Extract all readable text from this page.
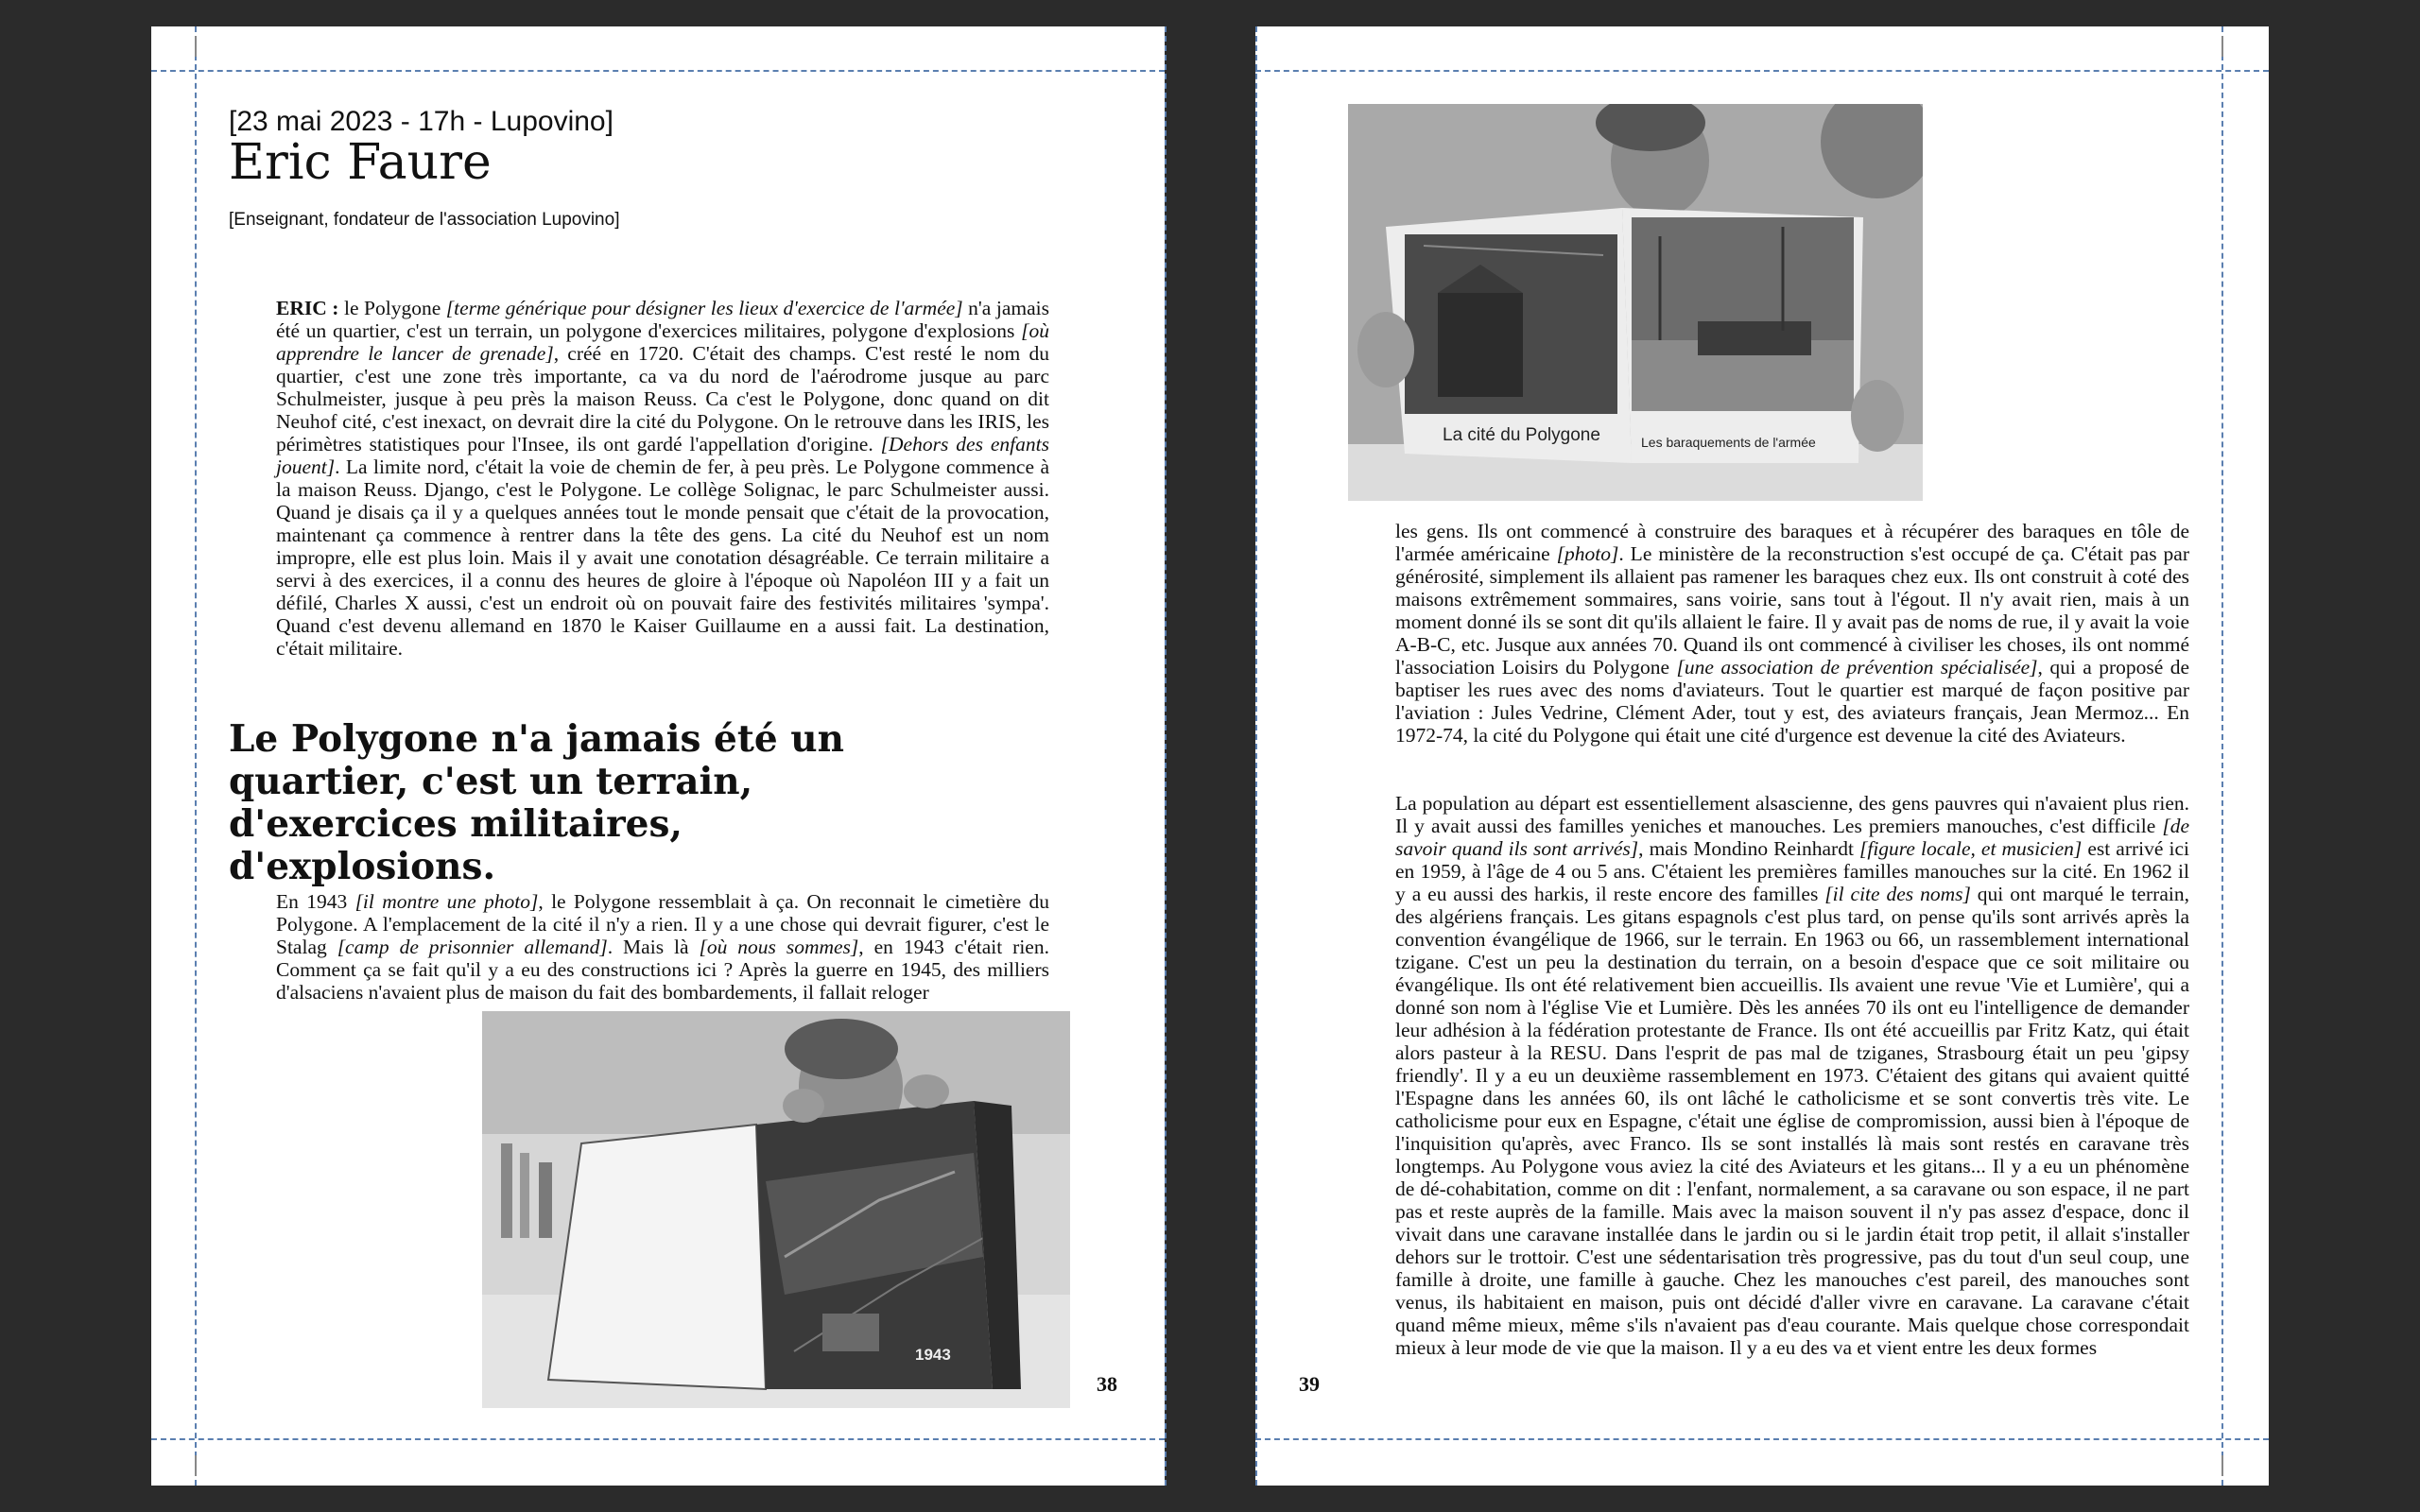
[23 mai 2023 - 17h - Lupovino]
Eric Faure
[Enseignant, fondateur de l'association Lupovino]
ERIC : le Polygone [terme générique pour désigner les lieux d'exercice de l'armée] n'a jamais été un quartier, c'est un terrain, un polygone d'exercices militaires, polygone d'explosions [où apprendre le lancer de grenade], créé en 1720. C'était des champs. C'est resté le nom du quartier, c'est une zone très importante, ca va du nord de l'aérodrome jusque au parc Schulmeister, jusque à peu près la maison Reuss. Ca c'est le Polygone, donc quand on dit Neuhof cité, c'est inexact, on devrait dire la cité du Polygone. On le retrouve dans les IRIS, les périmètres statistiques pour l'Insee, ils ont gardé l'appellation d'origine. [Dehors des enfants jouent]. La limite nord, c'était la voie de chemin de fer, à peu près. Le Polygone commence à la maison Reuss. Django, c'est le Polygone. Le collège Solignac, le parc Schulmeister aussi. Quand je disais ça il y a quelques années tout le monde pensait que c'était de la provocation, maintenant ça commence à rentrer dans la tête des gens. La cité du Neuhof est un nom impropre, elle est plus loin. Mais il y avait une conotation désagréable. Ce terrain militaire a servi à des exercices, il a connu des heures de gloire à l'époque où Napoléon III y a fait un défilé, Charles X aussi, c'est un endroit où on pouvait faire des festivités militaires 'sympa'. Quand c'est devenu allemand en 1870 le Kaiser Guillaume en a aussi fait. La destination, c'était militaire.
Le Polygone n'a jamais été un quartier, c'est un terrain, d'exercices militaires, d'explosions.
En 1943 [il montre une photo], le Polygone ressemblait à ça. On reconnait le cimetière du Polygone. A l'emplacement de la cité il n'y a rien. Il y a une chose qui devrait figurer, c'est le Stalag [camp de prisonnier allemand]. Mais là [où nous sommes], en 1943 c'était rien. Comment ça se fait qu'il y a eu des constructions ici ? Après la guerre en 1945, des milliers d'alsaciens n'avaient plus de maison du fait des bombardements, il fallait reloger
1943
38
La cité du Polygone	Les baraquements de l'armée
les gens. Ils ont commencé à construire des baraques et à récupérer des baraques en tôle de l'armée américaine [photo]. Le ministère de la reconstruction s'est occupé de ça. C'était pas par générosité, simplement ils allaient pas ramener les baraques chez eux. Ils ont construit à coté des maisons extrêmement sommaires, sans voirie, sans tout à l'égout. Il n'y avait rien, mais à un moment donné ils se sont dit qu'ils allaient le faire. Il y avait pas de noms de rue, il y avait la voie A-B-C, etc. Jusque aux années 70. Quand ils ont commencé à civiliser les choses, ils ont nommé l'association Loisirs du Polygone [une association de prévention spécialisée], qui a proposé de baptiser les rues avec des noms d'aviateurs. Tout le quartier est marqué de façon positive par l'aviation : Jules Vedrine, Clément Ader, tout y est, des aviateurs français, Jean Mermoz... En 1972-74, la cité du Polygone qui était une cité d'urgence est devenue la cité des Aviateurs.
La population au départ est essentiellement alsascienne, des gens pauvres qui n'avaient plus rien. Il y avait aussi des familles yeniches et manouches. Les premiers manouches, c'est difficile [de savoir quand ils sont arrivés], mais Mondino Reinhardt [figure locale, et musicien] est arrivé ici en 1959, à l'âge de 4 ou 5 ans. C'étaient les premières familles manouches sur la cité. En 1962 il y a eu aussi des harkis, il reste encore des familles [il cite des noms] qui ont marqué le terrain, des algériens français. Les gitans espagnols c'est plus tard, on pense qu'ils sont arrivés après la convention évangélique de 1966, sur le terrain. En 1963 ou 66, un rassemblement international tzigane. C'est un peu la destination du terrain, on a besoin d'espace que ce soit militaire ou évangélique. Ils ont été relativement bien accueillis. Ils avaient une revue 'Vie et Lumière', qui a donné son nom à l'église Vie et Lumière. Dès les années 70 ils ont eu l'intelligence de demander leur adhésion à la fédération protestante de France. Ils ont été accueillis par Fritz Katz, qui était alors pasteur à la RESU. Dans l'esprit de pas mal de tziganes, Strasbourg était un peu 'gipsy friendly'. Il y a eu un deuxième rassemblement en 1973. C'étaient des gitans qui avaient quitté l'Espagne dans les années 60, ils ont lâché le catholicisme et se sont convertis très vite. Le catholicisme pour eux en Espagne, c'était une église de compromission, aussi bien à l'époque de l'inquisition qu'après, avec Franco. Ils se sont installés là mais sont restés en caravane très longtemps. Au Polygone vous aviez la cité des Aviateurs et les gitans... Il y a eu un phénomène de dé-cohabitation, comme on dit : l'enfant, normalement, a sa caravane ou son espace, il ne part pas et reste auprès de la famille. Mais avec la maison souvent il n'y pas assez d'espace, donc il vivait dans une caravane installée dans le jardin ou si le jardin était trop petit, il allait s'installer dehors sur le trottoir. C'est une sédentarisation très progressive, pas du tout d'un seul coup, une famille à droite, une famille à gauche. Chez les manouches c'est pareil, des manouches sont venus, ils habitaient en maison, puis ont décidé d'aller vivre en caravane. La caravane c'était quand même mieux, même s'ils n'avaient pas d'eau courante. Mais quelque chose correspondait mieux à leur mode de vie que la maison. Il y a eu des va et vient entre les deux formes
39
